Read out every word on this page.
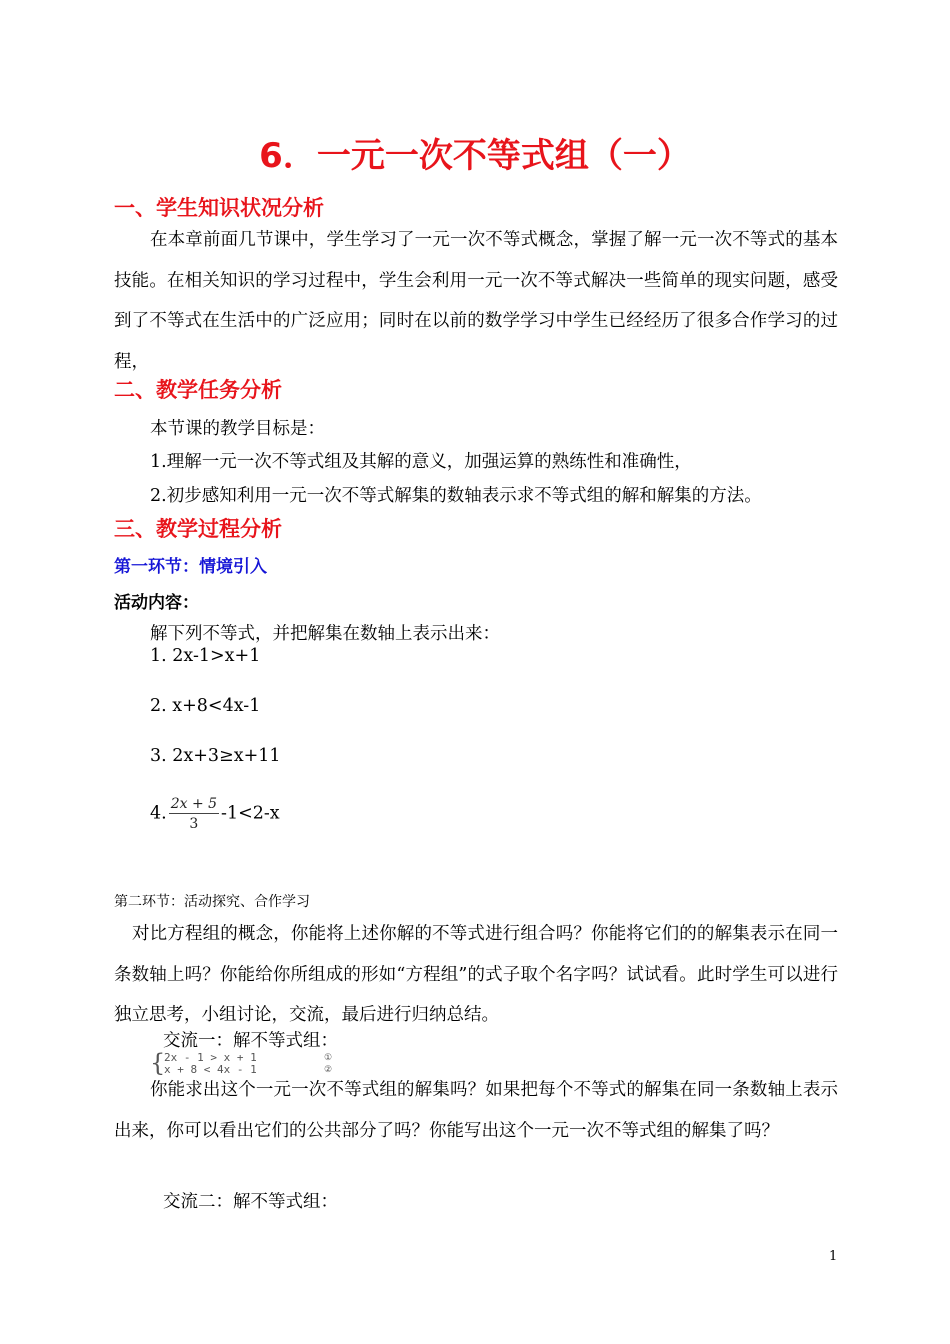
6．一元一次不等式组（一）
一、学生知识状况分析
在本章前面几节课中，学生学习了一元一次不等式概念，掌握了解一元一次不等式的基本技能。在相关知识的学习过程中，学生会利用一元一次不等式解决一些简单的现实问题，感受到了不等式在生活中的广泛应用；同时在以前的数学学习中学生已经经历了很多合作学习的过程，
二、教学任务分析
本节课的教学目标是：
1.理解一元一次不等式组及其解的意义，加强运算的熟练性和准确性，
2.初步感知利用一元一次不等式解集的数轴表示求不等式组的解和解集的方法。
三、教学过程分析
第一环节：情境引入
活动内容：
解下列不等式，并把解集在数轴上表示出来：
1. 2x-1>x+1
2. x+8<4x-1
3. 2x+3≥x+11
4. $\frac{2x + 5}{3} -1<2-x$
第二环节：活动探究、合作学习
对比方程组的概念，你能将上述你解的不等式进行组合吗？你能将它们的的解集表示在同一条数轴上吗？你能给你所组成的形如“方程组”的式子取个名字吗？试试看。此时学生可以进行独立思考，小组讨论，交流，最后进行归纳总结。
交流一：解不等式组：
{
2x - 1 > x + 1
x + 8 < 4x - 1
①
②
你能求出这个一元一次不等式组的解集吗？如果把每个不等式的解集在同一条数轴上表示出来，你可以看出它们的公共部分了吗？你能写出这个一元一次不等式组的解集了吗？
交流二：解不等式组：
1
